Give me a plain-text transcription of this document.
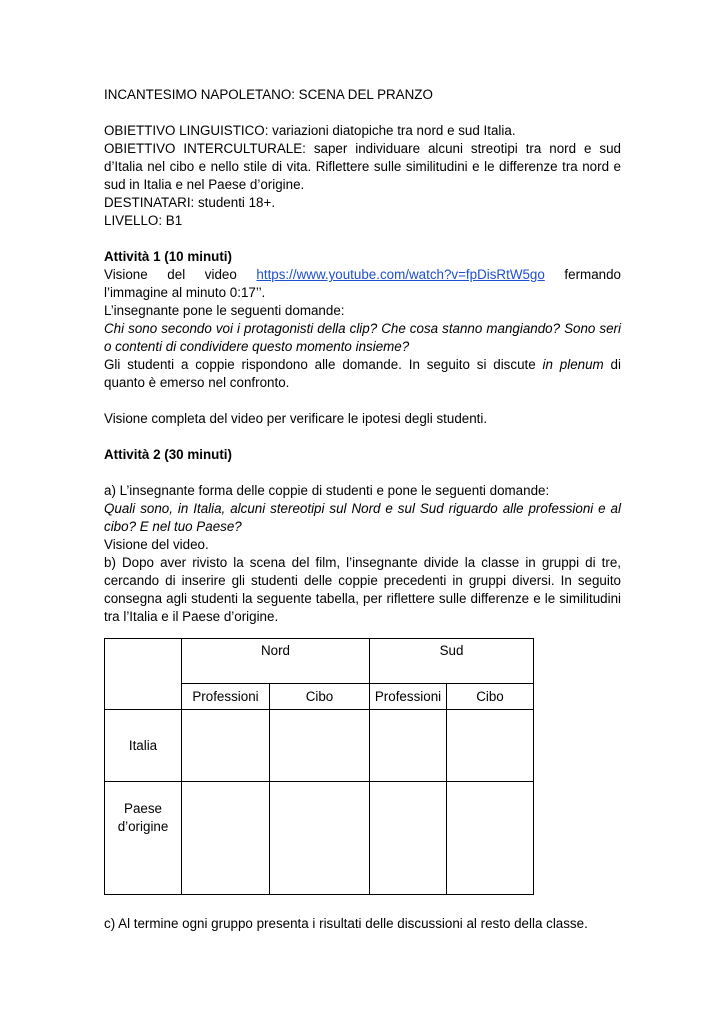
INCANTESIMO NAPOLETANO: SCENA DEL PRANZO

OBIETTIVO LINGUISTICO: variazioni diatopiche tra nord e sud Italia.

OBIETTIVO INTERCULTURALE: saper individuare alcuni streotipi tra nord e sud d’Italia nel cibo e nello stile di vita. Riflettere sulle similitudini e le differenze tra nord e sud in Italia e nel Paese d’origine.

DESTINATARI: studenti 18+.

LIVELLO: B1

Attività 1 (10 minuti)

Visione del video https://www.youtube.com/watch?v=fpDisRtW5go fermando

l’immagine al minuto 0:17’’.

L’insegnante pone le seguenti domande:

Chi sono secondo voi i protagonisti della clip? Che cosa stanno mangiando? Sono seri o contenti di condividere questo momento insieme?

Gli studenti a coppie rispondono alle domande. In seguito si discute in plenum di quanto è emerso nel confronto.

Visione completa del video per verificare le ipotesi degli studenti.

Attività 2 (30 minuti)

a) L’insegnante forma delle coppie di studenti e pone le seguenti domande:

Quali sono, in Italia, alcuni stereotipi sul Nord e sul Sud riguardo alle professioni e al cibo? E nel tuo Paese?

Visione del video.

b) Dopo aver rivisto la scena del film, l’insegnante divide la classe in gruppi di tre, cercando di inserire gli studenti delle coppie precedenti in gruppi diversi. In seguito consegna agli studenti la seguente tabella, per riflettere sulle differenze e le similitudini tra l’Italia e il Paese d’origine.

	Nord		Sud	
	Professioni	Cibo	Professioni	Cibo
Italia				

Paese
d’origine				

c) Al termine ogni gruppo presenta i risultati delle discussioni al resto della classe.
